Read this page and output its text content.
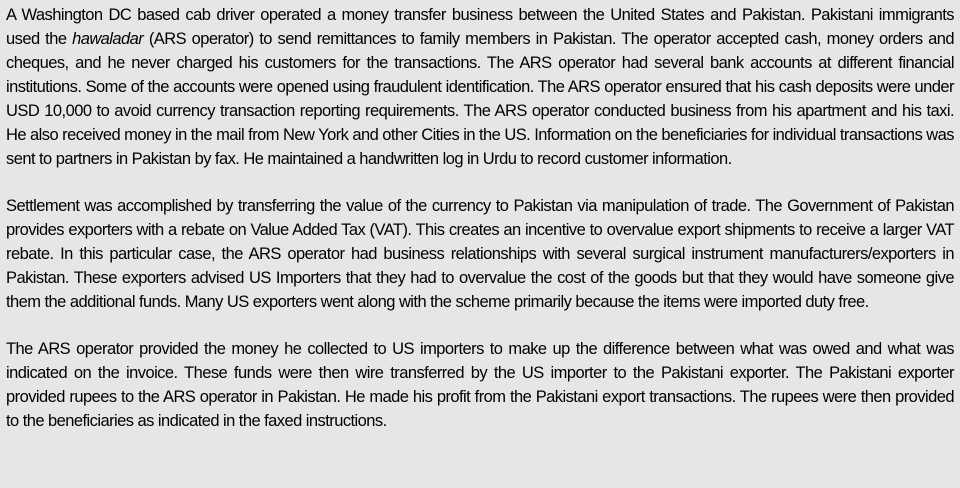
A Washington DC based cab driver operated a money transfer business between the United States and Pakistan. Pakistani immigrants used the hawaladar (ARS operator) to send remittances to family members in Pakistan. The operator accepted cash, money orders and cheques, and he never charged his customers for the transactions. The ARS operator had several bank accounts at different financial institutions. Some of the accounts were opened using fraudulent identification. The ARS operator ensured that his cash deposits were under USD 10,000 to avoid currency transaction reporting requirements. The ARS operator conducted business from his apartment and his taxi. He also received money in the mail from New York and other Cities in the US. Information on the beneficiaries for individual transactions was sent to partners in Pakistan by fax. He maintained a handwritten log in Urdu to record customer information.

Settlement was accomplished by transferring the value of the currency to Pakistan via manipulation of trade. The Government of Pakistan provides exporters with a rebate on Value Added Tax (VAT). This creates an incentive to overvalue export shipments to receive a larger VAT rebate. In this particular case, the ARS operator had business relationships with several surgical instrument manufacturers/exporters in Pakistan. These exporters advised US Importers that they had to overvalue the cost of the goods but that they would have someone give them the additional funds. Many US exporters went along with the scheme primarily because the items were imported duty free.

The ARS operator provided the money he collected to US importers to make up the difference between what was owed and what was indicated on the invoice. These funds were then wire transferred by the US importer to the Pakistani exporter. The Pakistani exporter provided rupees to the ARS operator in Pakistan. He made his profit from the Pakistani export transactions. The rupees were then provided to the beneficiaries as indicated in the faxed instructions.
